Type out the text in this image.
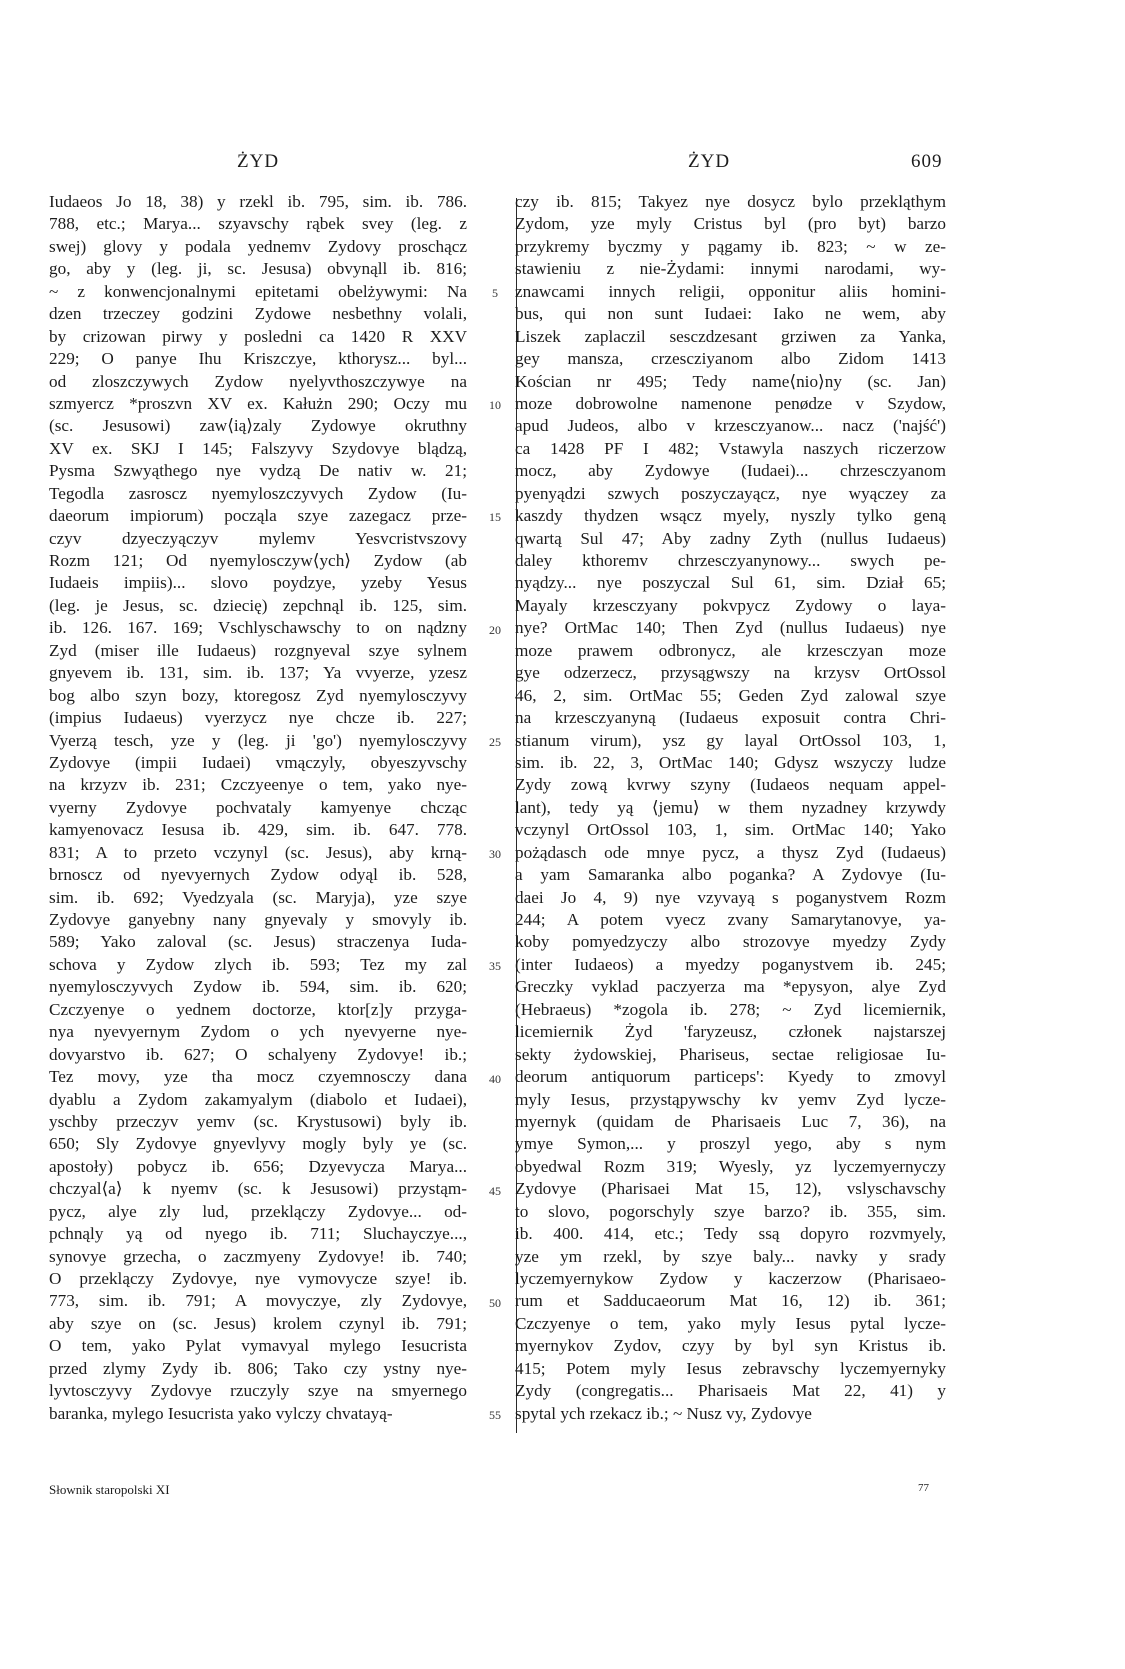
ŻYD	ŻYD	609
Iudaeos Jo 18, 38) y rzekl ib. 795, sim. ib. 786.
788, etc.; Marya... szyavschy rąbek svey (leg. z
swej) glovy y podala yednemv Zydovy proschącz
go, aby y (leg. ji, sc. Jesusa) obvynąll ib. 816;
~ z konwencjonalnymi epitetami obelżywymi: Na
dzen trzeczey godzini Zydowe nesbethny volali,
by crizowan pirwy y posledni ca 1420 R XXV
229; O panye Ihu Kriszczye, kthorysz... byl...
od zloszczywych Zydow nyelyvthoszczywye na
szmyercz *proszvn XV ex. Kałużn 290; Oczy mu
(sc. Jesusowi) zaw⟨ią⟩zaly Zydowye okruthny
XV ex. SKJ I 145; Falszyvy Szydovye blądzą,
Pysma Szwyąthego nye vydzą De nativ w. 21;
Tegodla zasroscz nyemyloszczyvych Zydow (Iu-
daeorum impiorum) począla szye zazegacz prze-
czyv dzyeczyączyv mylemv Yesvcristvszovy
Rozm 121; Od nyemylosczyw⟨ych⟩ Zydow (ab
Iudaeis impiis)... slovo poydzye, yzeby Yesus
(leg. je Jesus, sc. dziecię) zepchnąl ib. 125, sim.
ib. 126. 167. 169; Vschlyschawschy to on nądzny
Zyd (miser ille Iudaeus) rozgnyeval szye sylnem
gnyevem ib. 131, sim. ib. 137; Ya vvyerze, yzesz
bog albo szyn bozy, ktoregosz Zyd nyemylosczyvy
(impius Iudaeus) vyerzycz nye chcze ib. 227;
Vyerzą tesch, yze y (leg. ji 'go') nyemylosczyvy
Zydovye (impii Iudaei) vmączyly, obyeszyvschy
na krzyzv ib. 231; Czczyeenye o tem, yako nye-
vyerny Zydovye pochvataly kamyenye chcząc
kamyenovacz Iesusa ib. 429, sim. ib. 647. 778.
831; A to przeto vczynyl (sc. Jesus), aby krną-
brnoscz od nyevyernych Zydow odyąl ib. 528,
sim. ib. 692; Vyedzyala (sc. Maryja), yze szye
Zydovye ganyebny nany gnyevaly y smovyly ib.
589; Yako zaloval (sc. Jesus) straczenya Iuda-
schova y Zydow zlych ib. 593; Tez my zal
nyemylosczyvych Zydow ib. 594, sim. ib. 620;
Czczyenye o yednem doctorze, ktor[z]y przyga-
nya nyevyernym Zydom o ych nyevyerne nye-
dovyarstvo ib. 627; O schalyeny Zydovye! ib.;
Tez movy, yze tha mocz czyemnosczy dana
dyablu a Zydom zakamyalym (diabolo et Iudaei),
yschby przeczyv yemv (sc. Krystusowi) byly ib.
650; Sly Zydovye gnyevlyvy mogly byly ye (sc.
apostoły) pobycz ib. 656; Dzyevycza Marya...
chczyal⟨a⟩ k nyemv (sc. k Jesusowi) przystąm-
pycz, alye zly lud, przeklączy Zydovye... od-
pchnąly yą od nyego ib. 711; Sluchayczye...,
synovye grzecha, o zaczmyeny Zydovye! ib. 740;
O przeklączy Zydovye, nye vymovycze szye! ib.
773, sim. ib. 791; A movyczye, zly Zydovye,
aby szye on (sc. Jesus) krolem czynyl ib. 791;
O tem, yako Pylat vymavyal mylego Iesucrista
przed zlymy Zydy ib. 806; Tako czy ystny nye-
lyvtosczyvy Zydovye rzuczyly szye na smyernego
baranka, mylego Iesucrista yako vylczy chvatayą-
czy ib. 815; Takyez nye dosycz bylo przekląthym
Zydom, yze myly Cristus byl (pro byt) barzo
przykremy byczmy y pągamy ib. 823; ~ w ze-
stawieniu z nie-Żydami: innymi narodami, wy-
znawcami innych religii, opponitur aliis homini-
bus, qui non sunt Iudaei: Iako ne wem, aby
Liszek zaplaczil sesczdzesant grziwen za Yanka,
gey mansza, crzescziyanom albo Zidom 1413
Kościan nr 495; Tedy name⟨nio⟩ny (sc. Jan)
moze dobrowolne namenone penødze v Szydow,
apud Judeos, albo v krzesczyanow... nacz ('najść')
ca 1428 PF I 482; Vstawyla naszych riczerzow
mocz, aby Zydowye (Iudaei)... chrzesczyanom
pyenyądzi szwych poszyczayącz, nye wyączey za
kaszdy thydzen wsącz myely, nyszly tylko geną
qwartą Sul 47; Aby zadny Zyth (nullus Iudaeus)
daley kthoremv chrzesczyanynowy... swych pe-
nyądzy... nye poszyczal Sul 61, sim. Dział 65;
Mayaly krzesczyany pokvpycz Zydowy o laya-
nye? OrtMac 140; Then Zyd (nullus Iudaeus) nye
moze prawem odbronycz, ale krzesczyan moze
gye odzerzecz, przysągwszy na krzysv OrtOssol
46, 2, sim. OrtMac 55; Geden Zyd zalowal szye
na krzesczyanyną (Iudaeus exposuit contra Chri-
stianum virum), ysz gy layal OrtOssol 103, 1,
sim. ib. 22, 3, OrtMac 140; Gdysz wszyczy ludze
Zydy zową kvrwy szyny (Iudaeos nequam appel-
lant), tedy yą ⟨jemu⟩ w them nyzadney krzywdy
vczynyl OrtOssol 103, 1, sim. OrtMac 140; Yako
pożądasch ode mnye pycz, a thysz Zyd (Iudaeus)
a yam Samaranka albo poganka? A Zydovye (Iu-
daei Jo 4, 9) nye vzyvayą s poganystvem Rozm
244; A potem vyecz zvany Samarytanovye, ya-
koby pomyedzyczy albo strozovye myedzy Zydy
(inter Iudaeos) a myedzy poganystvem ib. 245;
Greczky vyklad paczyerza ma *epysyon, alye Zyd
(Hebraeus) *zogola ib. 278; ~ Zyd licemiernik,
licemiernik Żyd 'faryzeusz, członek najstarszej
sekty żydowskiej, Phariseus, sectae religiosae Iu-
deorum antiquorum particeps': Kyedy to zmovyl
myly Iesus, przystąpywschy kv yemv Zyd lycze-
myernyk (quidam de Pharisaeis Luc 7, 36), na
ymye Symon,... y proszyl yego, aby s nym
obyedwal Rozm 319; Wyesly, yz lyczemyernyczy
Zydovye (Pharisaei Mat 15, 12), vslyschavschy
to slovo, pogorschyly szye barzo? ib. 355, sim.
ib. 400. 414, etc.; Tedy ssą dopyro rozvmyely,
yze ym rzekl, by szye baly... navky y srady
lyczemyernykow Zydow y kaczerzow (Pharisaeo-
rum et Sadducaeorum Mat 16, 12) ib. 361;
Czczyenye o tem, yako myly Iesus pytal lycze-
myernykov Zydov, czyy by byl syn Kristus ib.
415; Potem myly Iesus zebravschy lyczemyernyky
Zydy (congregatis... Pharisaeis Mat 22, 41) y
spytal ych rzekacz ib.; ~ Nusz vy, Zydovye
5
10
15
20
25
30
35
40
45
50
55
Słownik staropolski XI	77
